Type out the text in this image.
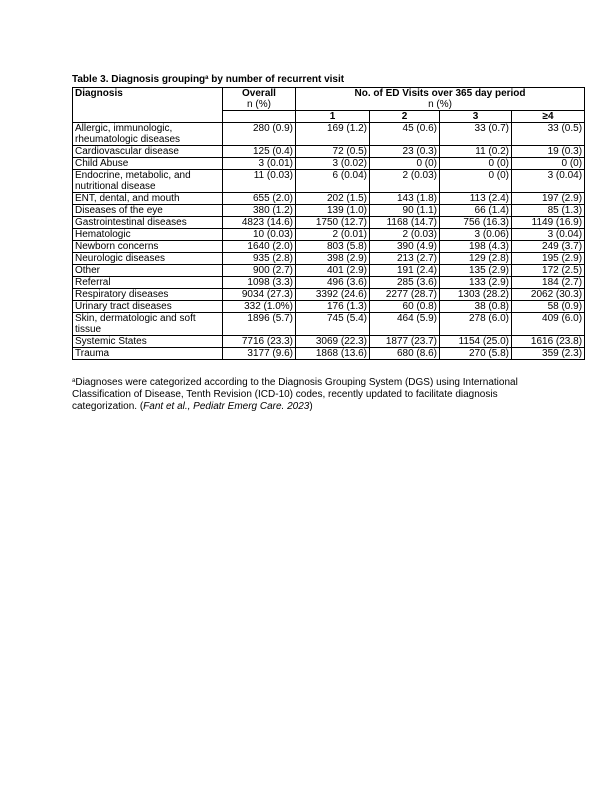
Table 3. Diagnosis grouping$^a$ by number of recurrent visit
Diagnosis	Overall	No. of ED Visits over 365 day period			

	n (%)	n (%)			
		1	2	3	≥4
Allergic, immunologic, rheumatologic diseases	280 (0.9)	169 (1.2)	45 (0.6)	33 (0.7)	33 (0.5)
Cardiovascular disease	125 (0.4)	72 (0.5)	23 (0.3)	11 (0.2)	19 (0.3)
Child Abuse	3 (0.01)	3 (0.02)	0 (0)	0 (0)	0 (0)
Endocrine, metabolic, and nutritional disease	11 (0.03)	6 (0.04)	2 (0.03)	0 (0)	3 (0.04)
ENT, dental, and mouth	655 (2.0)	202 (1.5)	143 (1.8)	113 (2.4)	197 (2.9)
Diseases of the eye	380 (1.2)	139 (1.0)	90 (1.1)	66 (1.4)	85 (1.3)
Gastrointestinal diseases	4823 (14.6)	1750 (12.7)	1168 (14.7)	756 (16.3)	1149 (16.9)
Hematologic	10 (0.03)	2 (0.01)	2 (0.03)	3 (0.06)	3 (0.04)
Newborn concerns	1640 (2.0)	803 (5.8)	390 (4.9)	198 (4.3)	249 (3.7)
Neurologic diseases	935 (2.8)	398 (2.9)	213 (2.7)	129 (2.8)	195 (2.9)
Other	900 (2.7)	401 (2.9)	191 (2.4)	135 (2.9)	172 (2.5)
Referral	1098 (3.3)	496 (3.6)	285 (3.6)	133 (2.9)	184 (2.7)
Respiratory diseases	9034 (27.3)	3392 (24.6)	2277 (28.7)	1303 (28.2)	2062 (30.3)
Urinary tract diseases	332 (1.0%)	176 (1.3)	60 (0.8)	38 (0.8)	58 (0.9)
Skin, dermatologic and soft tissue	1896 (5.7)	745 (5.4)	464 (5.9)	278 (6.0)	409 (6.0)
Systemic States	7716 (23.3)	3069 (22.3)	1877 (23.7)	1154 (25.0)	1616 (23.8)
Trauma	3177 (9.6)	1868 (13.6)	680 (8.6)	270 (5.8)	359 (2.3)
$^a$Diagnoses were categorized according to the Diagnosis Grouping System (DGS) using International Classification of Disease, Tenth Revision (ICD-10) codes, recently updated to facilitate diagnosis categorization. (Fant et al., Pediatr Emerg Care. 2023)
